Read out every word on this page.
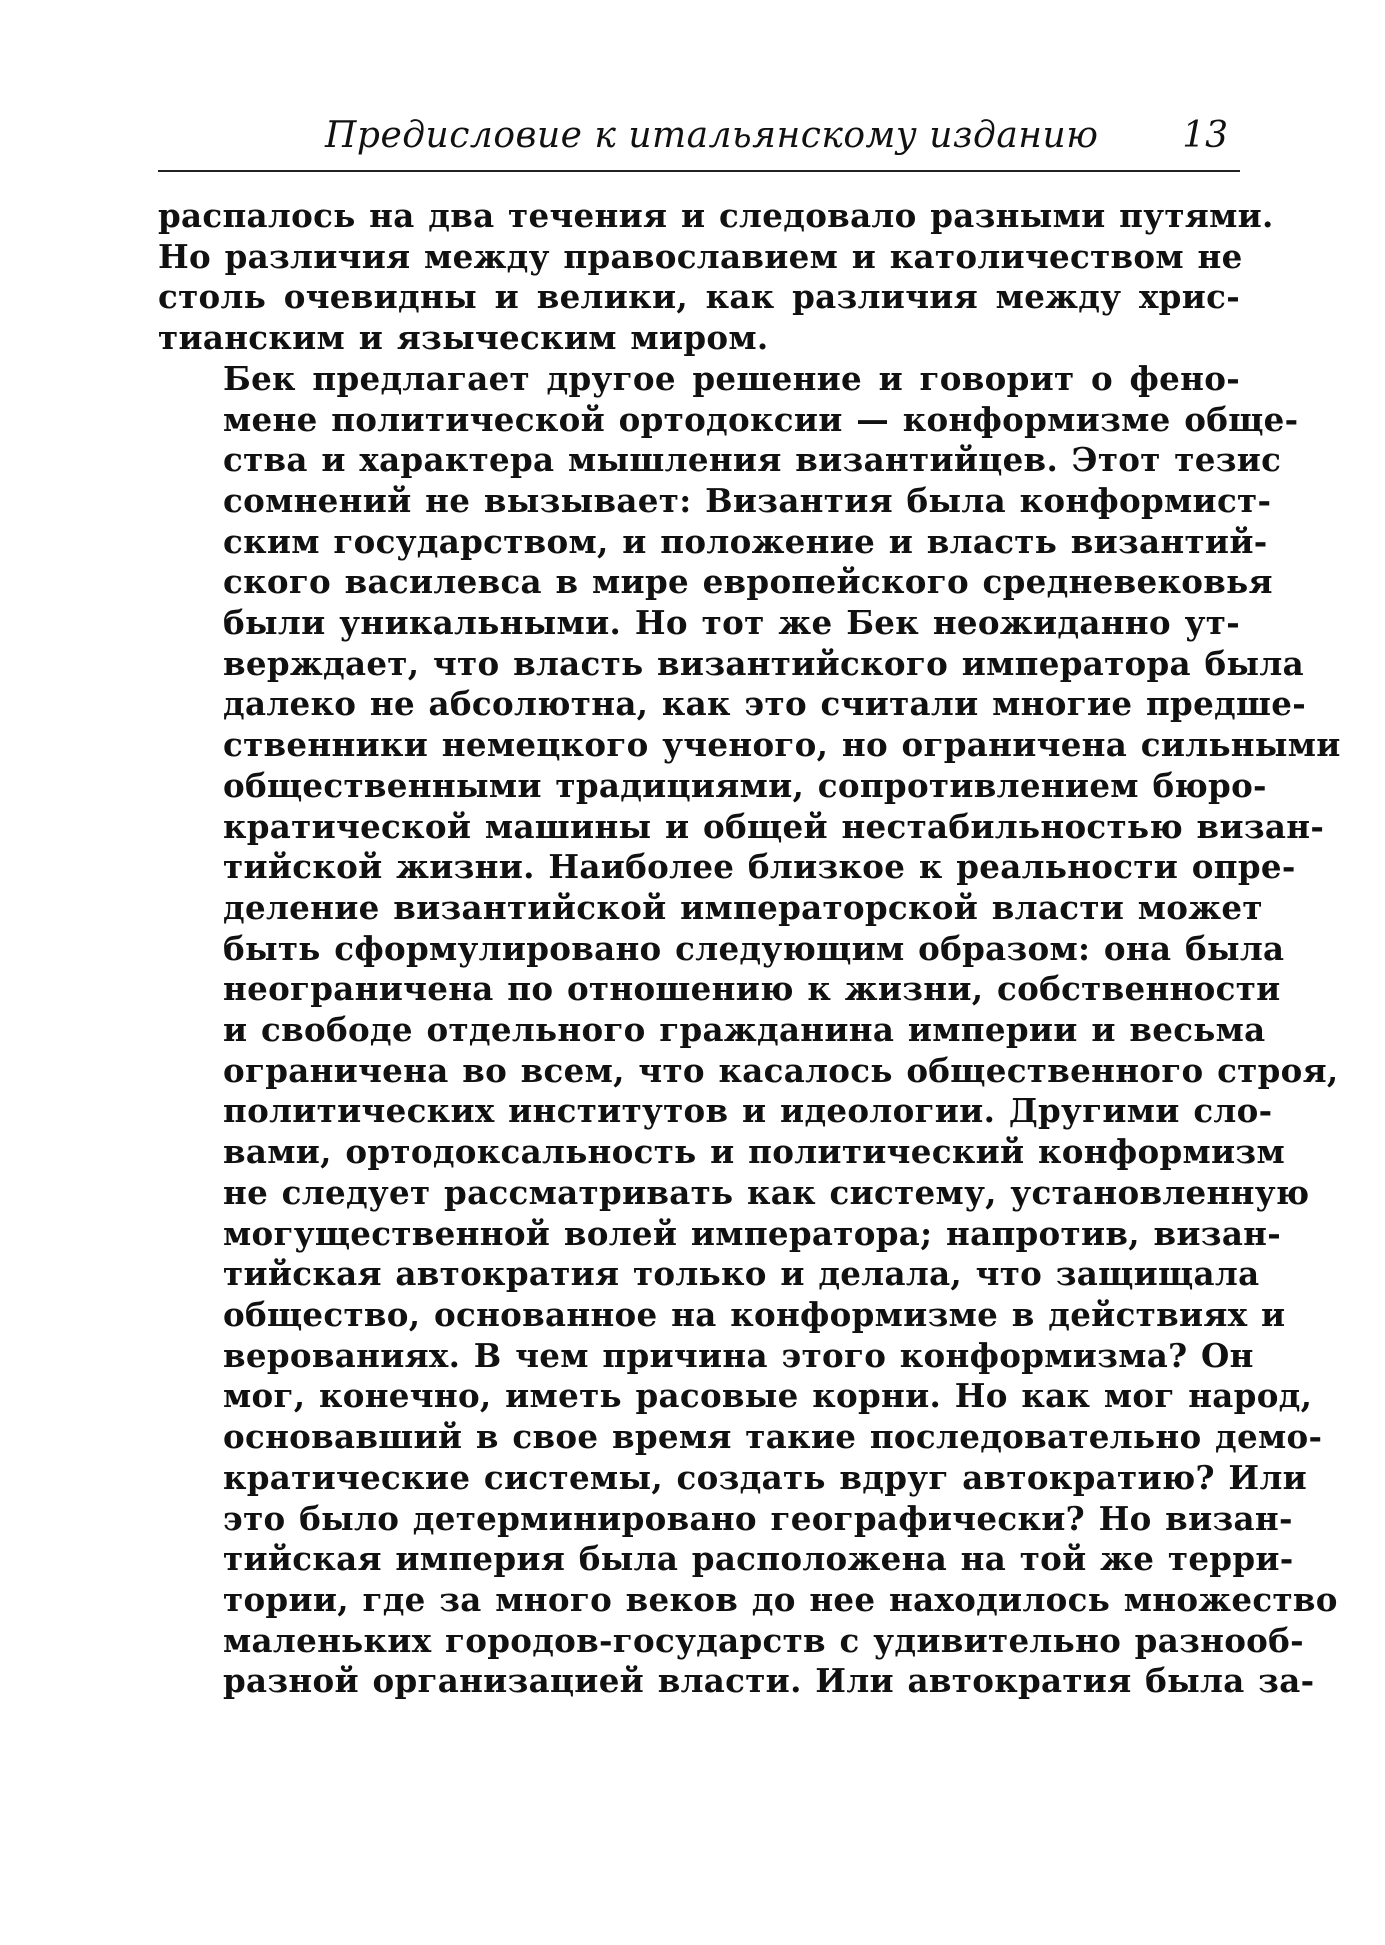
Предисловие к итальянскому изданию 13

распалось на два течения и следовало разными путями.
Но различия между православием и католичеством не
столь очевидны и велики, как различия между хрис-
тианским и языческим миром.

Бек предлагает другое решение и говорит о фено-
мене политической ортодоксии — конформизме обще-
ства и характера мышления византийцев. Этот тезис
сомнений не вызывает: Византия была конформист-
ским государством, и положение и власть византий-
ского василевса в мире европейского средневековья
были уникальными. Но тот же Бек неожиданно ут-
верждает, что власть византийского императора была
далеко не абсолютна, как это считали многие предше-
ственники немецкого ученого, но ограничена сильными
общественными традициями, сопротивлением бюро-
кратической машины и общей нестабильностью визан-
тийской жизни. Наиболее близкое к реальности опре-
деление византийской императорской власти может
быть сформулировано следующим образом: она была
неограничена по отношению к жизни, собственности
и свободе отдельного гражданина империи и весьма
ограничена во всем, что касалось общественного строя,
политических институтов и идеологии. Другими сло-
вами, ортодоксальность и политический конформизм
не следует рассматривать как систему, установленную
могущественной волей императора; напротив, визан-
тийская автократия только и делала, что защищала
общество, основанное на конформизме в действиях и
верованиях. В чем причина этого конформизма? Он
мог, конечно, иметь расовые корни. Но как мог народ,
основавший в свое время такие последовательно демо-
кратические системы, создать вдруг автократию? Или
это было детерминировано географически? Но визан-
тийская империя была расположена на той же терри-
тории, где за много веков до нее находилось множество
маленьких городов-государств с удивительно разнооб-
разной организацией власти. Или автократия была за-
